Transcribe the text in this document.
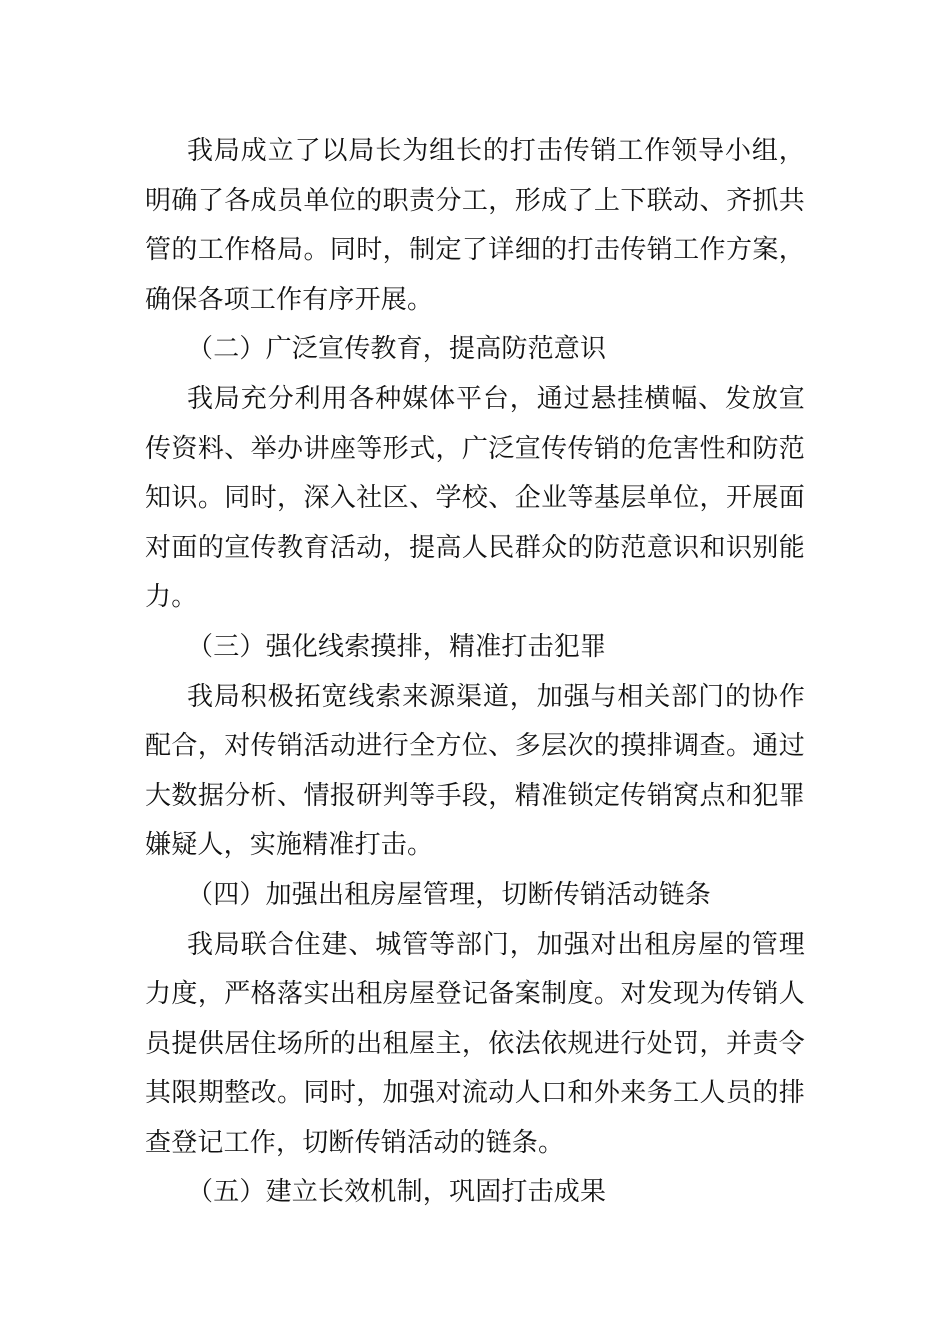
我局成立了以局长为组长的打击传销工作领导小组，明确了各成员单位的职责分工，形成了上下联动、齐抓共管的工作格局。同时，制定了详细的打击传销工作方案，确保各项工作有序开展。

（二）广泛宣传教育，提高防范意识

我局充分利用各种媒体平台，通过悬挂横幅、发放宣传资料、举办讲座等形式，广泛宣传传销的危害性和防范知识。同时，深入社区、学校、企业等基层单位，开展面对面的宣传教育活动，提高人民群众的防范意识和识别能力。

（三）强化线索摸排，精准打击犯罪

我局积极拓宽线索来源渠道，加强与相关部门的协作配合，对传销活动进行全方位、多层次的摸排调查。通过大数据分析、情报研判等手段，精准锁定传销窝点和犯罪嫌疑人，实施精准打击。

（四）加强出租房屋管理，切断传销活动链条

我局联合住建、城管等部门，加强对出租房屋的管理力度，严格落实出租房屋登记备案制度。对发现为传销人员提供居住场所的出租屋主，依法依规进行处罚，并责令其限期整改。同时，加强对流动人口和外来务工人员的排查登记工作，切断传销活动的链条。

（五）建立长效机制，巩固打击成果
